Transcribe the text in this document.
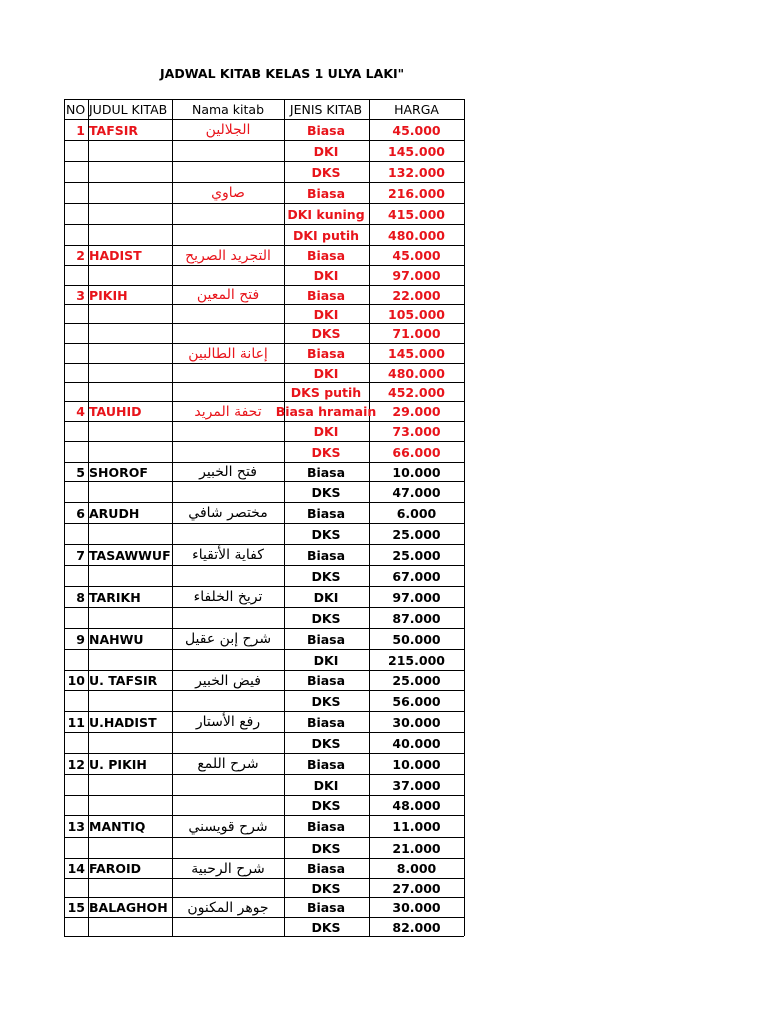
JADWAL KITAB KELAS 1 ULYA LAKI"
NO JUDUL KITAB	Nama kitab	JENIS KITAB	HARGA
1 TAFSIR	الجلالين	Biasa	45.000
DKI	145.000
DKS	132.000
صاوي	Biasa	216.000
DKI kuning	415.000
DKI putih	480.000
2 HADIST	التجريد الصريح	Biasa	45.000
DKI	97.000
3 PIKIH	فتح المعين	Biasa	22.000
DKI	105.000
DKS	71.000
إعانة الطالبين	Biasa	145.000
DKI	480.000
DKS putih	452.000
4 TAUHID	تحفة المريد	Biasa hramain	29.000
DKI	73.000
DKS	66.000
5 SHOROF	فتح الخبير	Biasa	10.000
DKS	47.000
6 ARUDH	مختصر شافي	Biasa	6.000
DKS	25.000
7 TASAWWUF	كفاية الأتقياء	Biasa	25.000
DKS	67.000
8 TARIKH	تريخ الخلفاء	DKI	97.000
DKS	87.000
9 NAHWU	شرح إبن عقيل	Biasa	50.000
DKI	215.000
10 U. TAFSIR	فيض الخبير	Biasa	25.000
DKS	56.000
11 U.HADIST	رفع الأستار	Biasa	30.000
DKS	40.000
12 U. PIKIH	شرح اللمع	Biasa	10.000
DKI	37.000
DKS	48.000
13 MANTIQ	شرح قويسني	Biasa	11.000
DKS	21.000
14 FAROID	شرح الرحبية	Biasa	8.000
DKS	27.000
15 BALAGHOH	جوهر المكنون	Biasa	30.000
DKS	82.000
